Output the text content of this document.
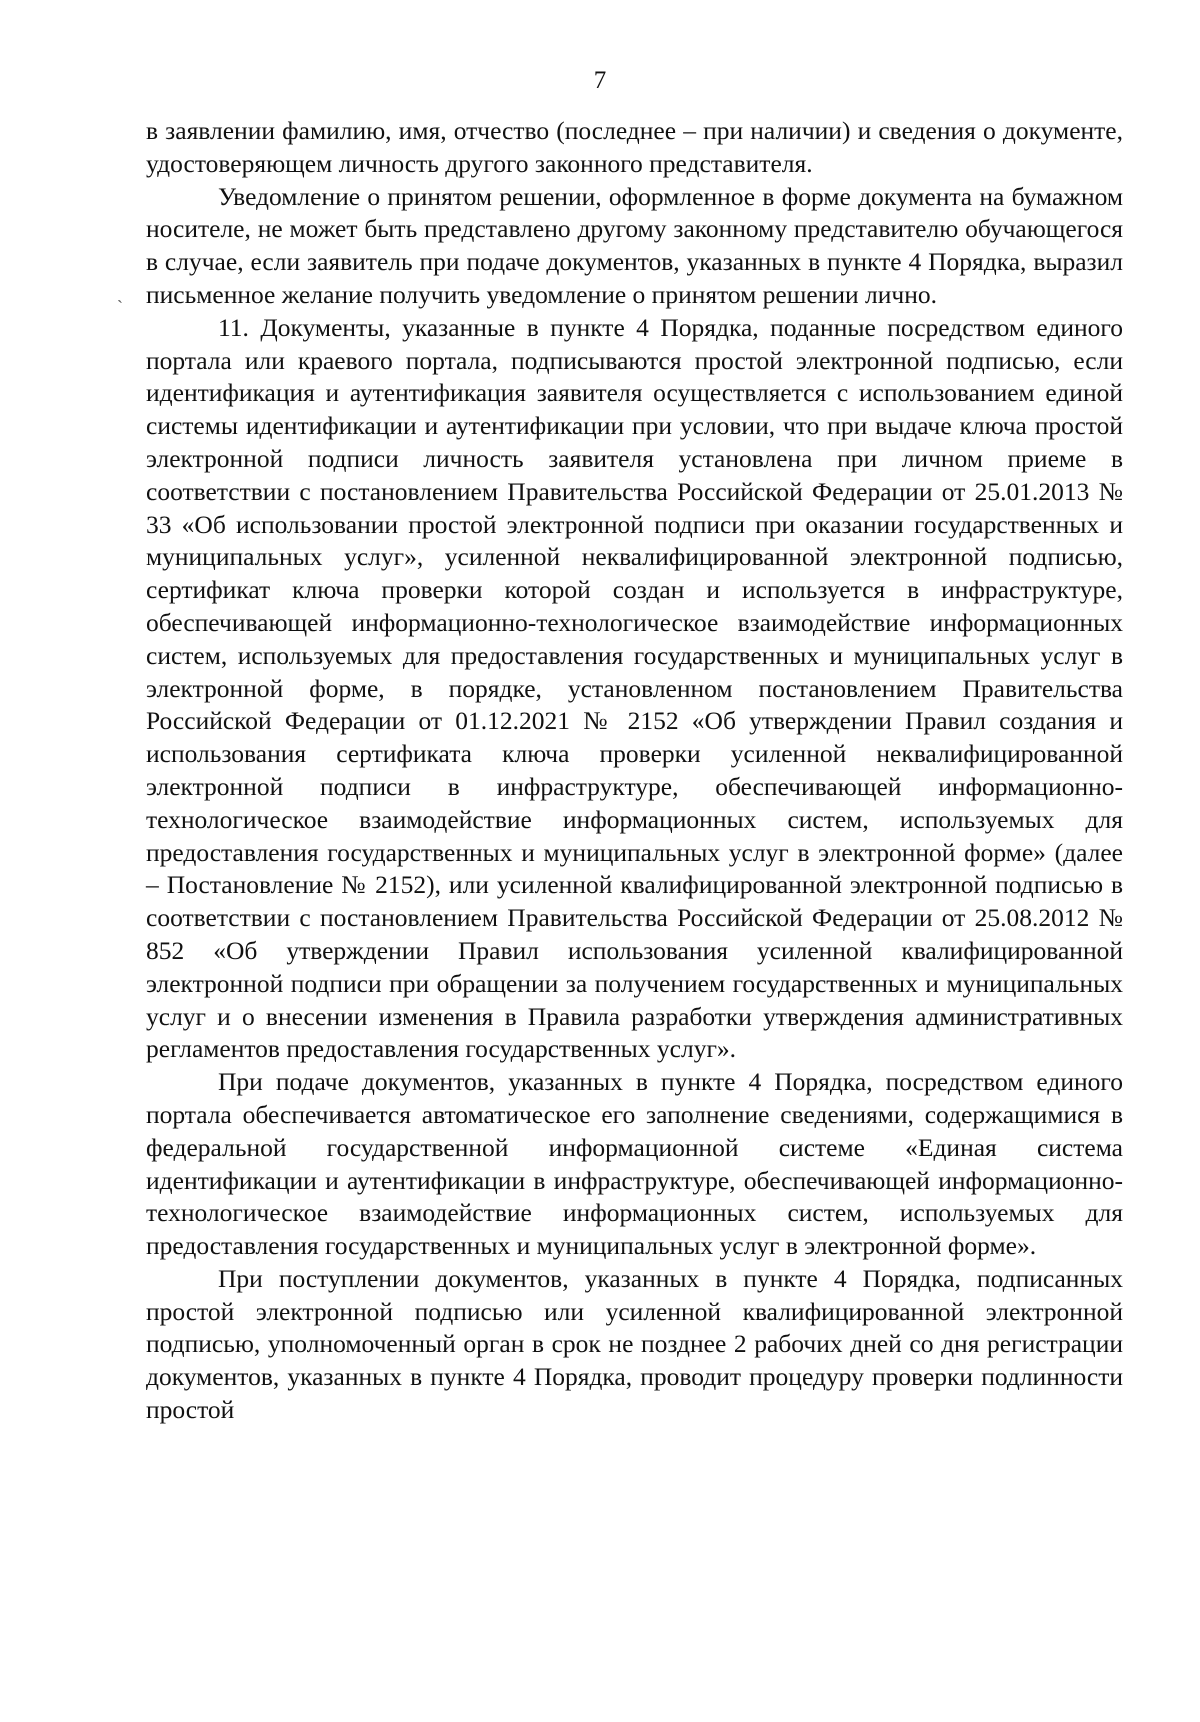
7
ˏ

в заявлении фамилию, имя, отчество (последнее – при наличии) и сведения о документе, удостоверяющем личность другого законного представителя.

Уведомление о принятом решении, оформленное в форме документа на бумажном носителе, не может быть представлено другому законному представителю обучающегося в случае, если заявитель при подаче документов, указанных в пункте 4 Порядка, выразил письменное желание получить уведомление о принятом решении лично.

11. Документы, указанные в пункте 4 Порядка, поданные посредством единого портала или краевого портала, подписываются простой электронной подписью, если идентификация и аутентификация заявителя осуществляется с использованием единой системы идентификации и аутентификации при условии, что при выдаче ключа простой электронной подписи личность заявителя установлена при личном приеме в соответствии с постановлением Правительства Российской Федерации от 25.01.2013 № 33 «Об использовании простой электронной подписи при оказании государственных и муниципальных услуг», усиленной неквалифицированной электронной подписью, сертификат ключа проверки которой создан и используется в инфраструктуре, обеспечивающей информационно-технологическое взаимодействие информационных систем, используемых для предоставления государственных и муниципальных услуг в электронной форме, в порядке, установленном постановлением Правительства Российской Федерации от 01.12.2021 № 2152 «Об утверждении Правил создания и использования сертификата ключа проверки усиленной неквалифицированной электронной подписи в инфраструктуре, обеспечивающей информационно-технологическое взаимодействие информационных систем, используемых для предоставления государственных и муниципальных услуг в электронной форме» (далее – Постановление № 2152), или усиленной квалифицированной электронной подписью в соответствии с постановлением Правительства Российской Федерации от 25.08.2012 № 852 «Об утверждении Правил использования усиленной квалифицированной электронной подписи при обращении за получением государственных и муниципальных услуг и о внесении изменения в Правила разработки утверждения административных регламентов предоставления государственных услуг».

При подаче документов, указанных в пункте 4 Порядка, посредством единого портала обеспечивается автоматическое его заполнение сведениями, содержащимися в федеральной государственной информационной системе «Единая система идентификации и аутентификации в инфраструктуре, обеспечивающей информационно-технологическое взаимодействие информационных систем, используемых для предоставления государственных и муниципальных услуг в электронной форме».

При поступлении документов, указанных в пункте 4 Порядка, подписанных простой электронной подписью или усиленной квалифицированной электронной подписью, уполномоченный орган в срок не позднее 2 рабочих дней со дня регистрации документов, указанных в пункте 4 Порядка, проводит процедуру проверки подлинности простой
